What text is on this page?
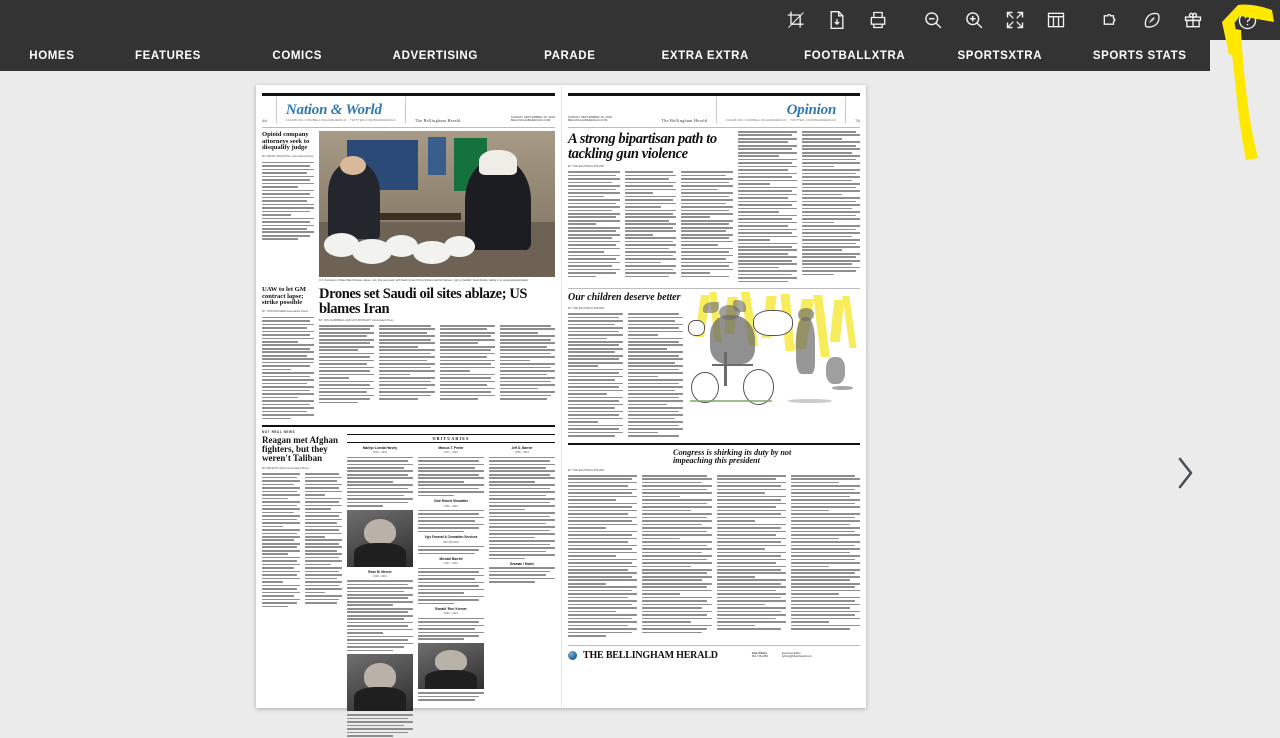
HOMES	FEATURES	COMICS	ADVERTISING	PARADE	EXTRA EXTRA	FOOTBALLXTRA	SPORTSXTRA	SPORTS STATS
4A
Nation & World
FACEBOOK.COM/BELLINGHAMHERALD · TWITTER.COM/BHAMHERALD	The Bellingham Herald
SUNDAY SEPTEMBER 15, 2019
BELLINGHAMHERALD.COM
Opioid company attorneys seek to disqualify judge
BY GEOFF MULVIHILL Associated Press
U.S. Secretary of State Mike Pompeo, above, met, this past week, with Saudi Crown Prince Mohammed bin Salman, right, in Jeddah, Saudi Arabia, calling it 'an unprecedented attack.'
UAW to let GM contract lapse; strike possible
BY TOM KRISHER Associated Press
Drones set Saudi oil sites ablaze; US blames Iran
BY JON GAMBRELL AND AYA BATRAWY Associated Press
NOT REAL NEWS
Reagan met Afghan fighters, but they weren't Taliban
BY ARIJETA LAJKA Associated Press
OBITUARIES
Marilyn Loreda Harvey
1934 – 2019
Rose M. Mercer
1928 – 2019
Marcus T. Peeler
1971 – 2019
Clair Robert Showalter
1930 – 2019
Vg's Funeral & Cremation Services
360-734-0234
Michael Barrett
1947 – 2019
Ronald 'Ron' Kremer
1942 – 2019
Jeff D. Barrier
1955 – 2019
Seaman / Moles
7A
Opinion
FACEBOOK.COM/BELLINGHAMHERALD · TWITTER.COM/BHAMHERALD
The Bellingham Herald
SUNDAY SEPTEMBER 15, 2019
BELLINGHAMHERALD.COM
A strong bipartisan path to tackling gun violence
BY THE EDITORIAL BOARD
Our children deserve better
BY THE EDITORIAL BOARD
Congress is shirking its duty by not impeaching this president
BY THE EDITORIAL BOARD
THE BELLINGHAM HERALD	Julie Shirley
360-715-2282
Executive Editor
jshirley@bhamherald.com
